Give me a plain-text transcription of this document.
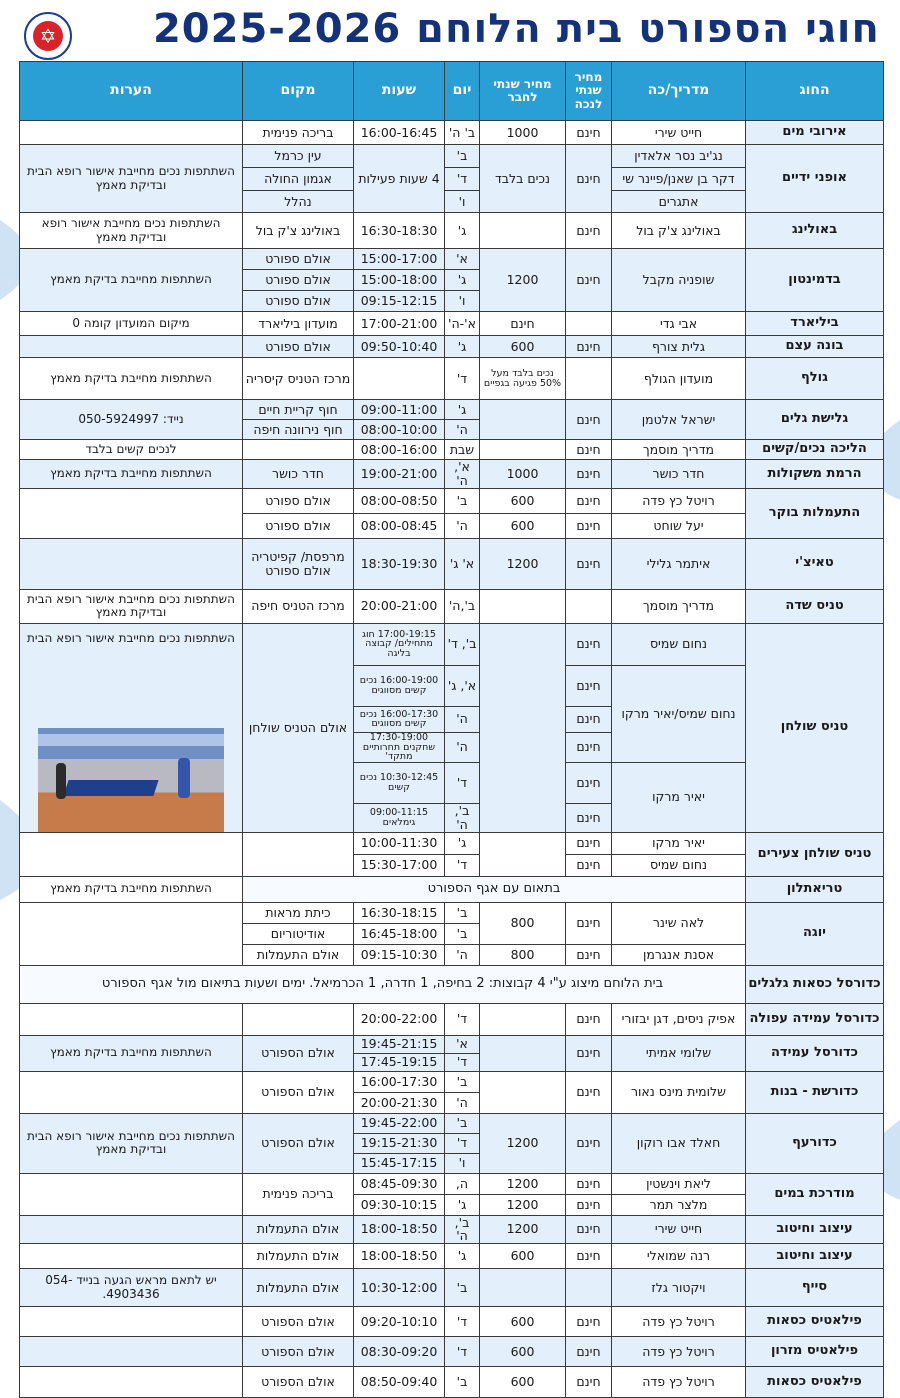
✡ חוגי הספורט בית הלוחם 2025-2026
החוג	מדריך/כה	מחיר שנתי לנכה	מחיר שנתי לחבר	יום	שעות	מקום	הערות
אירובי מים	חייט שירי	חינם	1000	ב' ה'	16:00-16:45	בריכה פנימית	
אופני ידיים	נג'יב נסר אלאדין	חינם	נכים בלבד	ב'	4 שעות פעילות	עין כרמל	השתתפות נכים מחייבת אישור רופא הבית ובדיקת מאמץ
	דקר בן שאנן/פיינר שי			ד'		אגמון החולה	
	אתגרים			ו'		נהלל	
באולינג	באולינג צ'ק בול	חינם		ג'	16:30-18:30	באולינג צ'ק בול	השתתפות נכים מחייבת אישור רופא ובדיקת מאמץ
בדמינטון	שופניה מקבל	חינם	1200	א'	15:00-17:00	אולם ספורט	השתתפות מחייבת בדיקת מאמץ
				ג'	15:00-18:00	אולם ספורט	
				ו'	09:15-12:15	אולם ספורט	
ביליארד	אבי גדי		חינם	א'-ה'	17:00-21:00	מועדון ביליארד	מיקום המועדון קומה 0
בונה עצם	גלית צורף	חינם	600	ג'	09:50-10:40	אולם ספורט	
גולף	מועדון הגולף		נכים בלבד מעל 50% פגיעה בגפיים	ד'		מרכז הטניס קיסריה	השתתפות מחייבת בדיקת מאמץ
גלישת גלים	ישראל אלטמן	חינם		ג'	09:00-11:00	חוף קריית חיים	נייד: 050-5924997
				ה'	08:00-10:00	חוף נירוונה חיפה	
הליכה נכים/קשים	מדריך מוסמך	חינם		שבת	08:00-16:00		לנכים קשים בלבד
הרמת משקולות	חדר כושר	חינם	1000	א', ה'	19:00-21:00	חדר כושר	השתתפות מחייבת בדיקת מאמץ
התעמלות בוקר	רויטל כץ פדה	חינם	600	ב'	08:00-08:50	אולם ספורט	
	יעל שוחט	חינם	600	ה'	08:00-08:45	אולם ספורט	
טאיצ'י	איתמר גלילי	חינם	1200	א' ג'	18:30-19:30	מרפסת/ קפיטריה אולם ספורט	
טניס שדה	מדריך מוסמך			ב',ה'	20:00-21:00	מרכז הטניס חיפה	השתתפות נכים מחייבת אישור רופא הבית ובדיקת מאמץ
טניס שולחן	נחום שמיס	חינם		ב', ד'	17:00-19:15 חוג מתחילים/ קבוצה בליגה	אולם הטניס שולחן	השתתפות נכים מחייבת אישור רופא הבית

	נחום שמיס/יאיר מרקו	חינם		א', ג'	16:00-19:00 נכים קשים מסווגים		
		חינם		ה'	16:00-17:30 נכים קשים מסווגים		
		חינם		ה'	17:30-19:00 שחקנים תחרותיים מתקד'		
	יאיר מרקו	חינם		ד'	10:30-12:45 נכים קשים		
		חינם		ב', ה'	09:00-11:15 גימלאים		
טניס שולחן צעירים	יאיר מרקו	חינם		ג'	10:00-11:30		
	נחום שמיס	חינם		ד'	15:30-17:00		
טריאתלון	בתאום עם אגף הספורט						השתתפות מחייבת בדיקת מאמץ
יוגה	לאה שינר	חינם	800	ב'	16:30-18:15	כיתת מראות	
				ב'	16:45-18:00	אודיטוריום	
	אסנת אנגרמן	חינם	800	ה'	09:15-10:30	אולם התעמלות	
כדורסל כסאות גלגלים	בית הלוחם מיצוג ע"י 4 קבוצות: 2 בחיפה, 1 חדרה, 1 הכרמיאל. ימים ושעות בתיאום מול אגף הספורט						
כדורסל עמידה עפולה	אפיק ניסים, דגן יבזורי	חינם		ד'	20:00-22:00		
כדורסל עמידה	שלומי אמיתי	חינם		א'	19:45-21:15	אולם הספורט	השתתפות מחייבת בדיקת מאמץ
				ד'	17:45-19:15		
כדורשת - בנות	שלומית מינס נאור	חינם		ב'	16:00-17:30	אולם הספורט	
				ה'	20:00-21:30		
כדורעף	חאלד אבו רוקון	חינם	1200	ב'	19:45-22:00	אולם הספורט	השתתפות נכים מחייבת אישור רופא הבית ובדיקת מאמץ
				ד'	19:15-21:30		
				ו'	15:45-17:15		
מודרכת במים	ליאת וינשטין	חינם	1200	ה,	08:45-09:30	בריכה פנימית	
	מלצר תמר	חינם	1200	ג'	09:30-10:15		
עיצוב וחיטוב	חייט שירי	חינם	1200	ב', ה'	18:00-18:50	אולם התעמלות	
עיצוב וחיטוב	רנה שמואלי	חינם	600	ג'	18:00-18:50	אולם התעמלות	
סייף	ויקטור גלז			ב'	10:30-12:00	אולם התעמלות	יש לתאם מראש הגעה בנייד 054-4903436.
פילאטיס כסאות	רויטל כץ פדה	חינם	600	ד'	09:20-10:10	אולם הספורט	
פילאטיס מזרון	רויטל כץ פדה	חינם	600	ד'	08:30-09:20	אולם הספורט	
פילאטיס כסאות	רויטל כץ פדה	חינם	600	ב'	08:50-09:40	אולם הספורט	
